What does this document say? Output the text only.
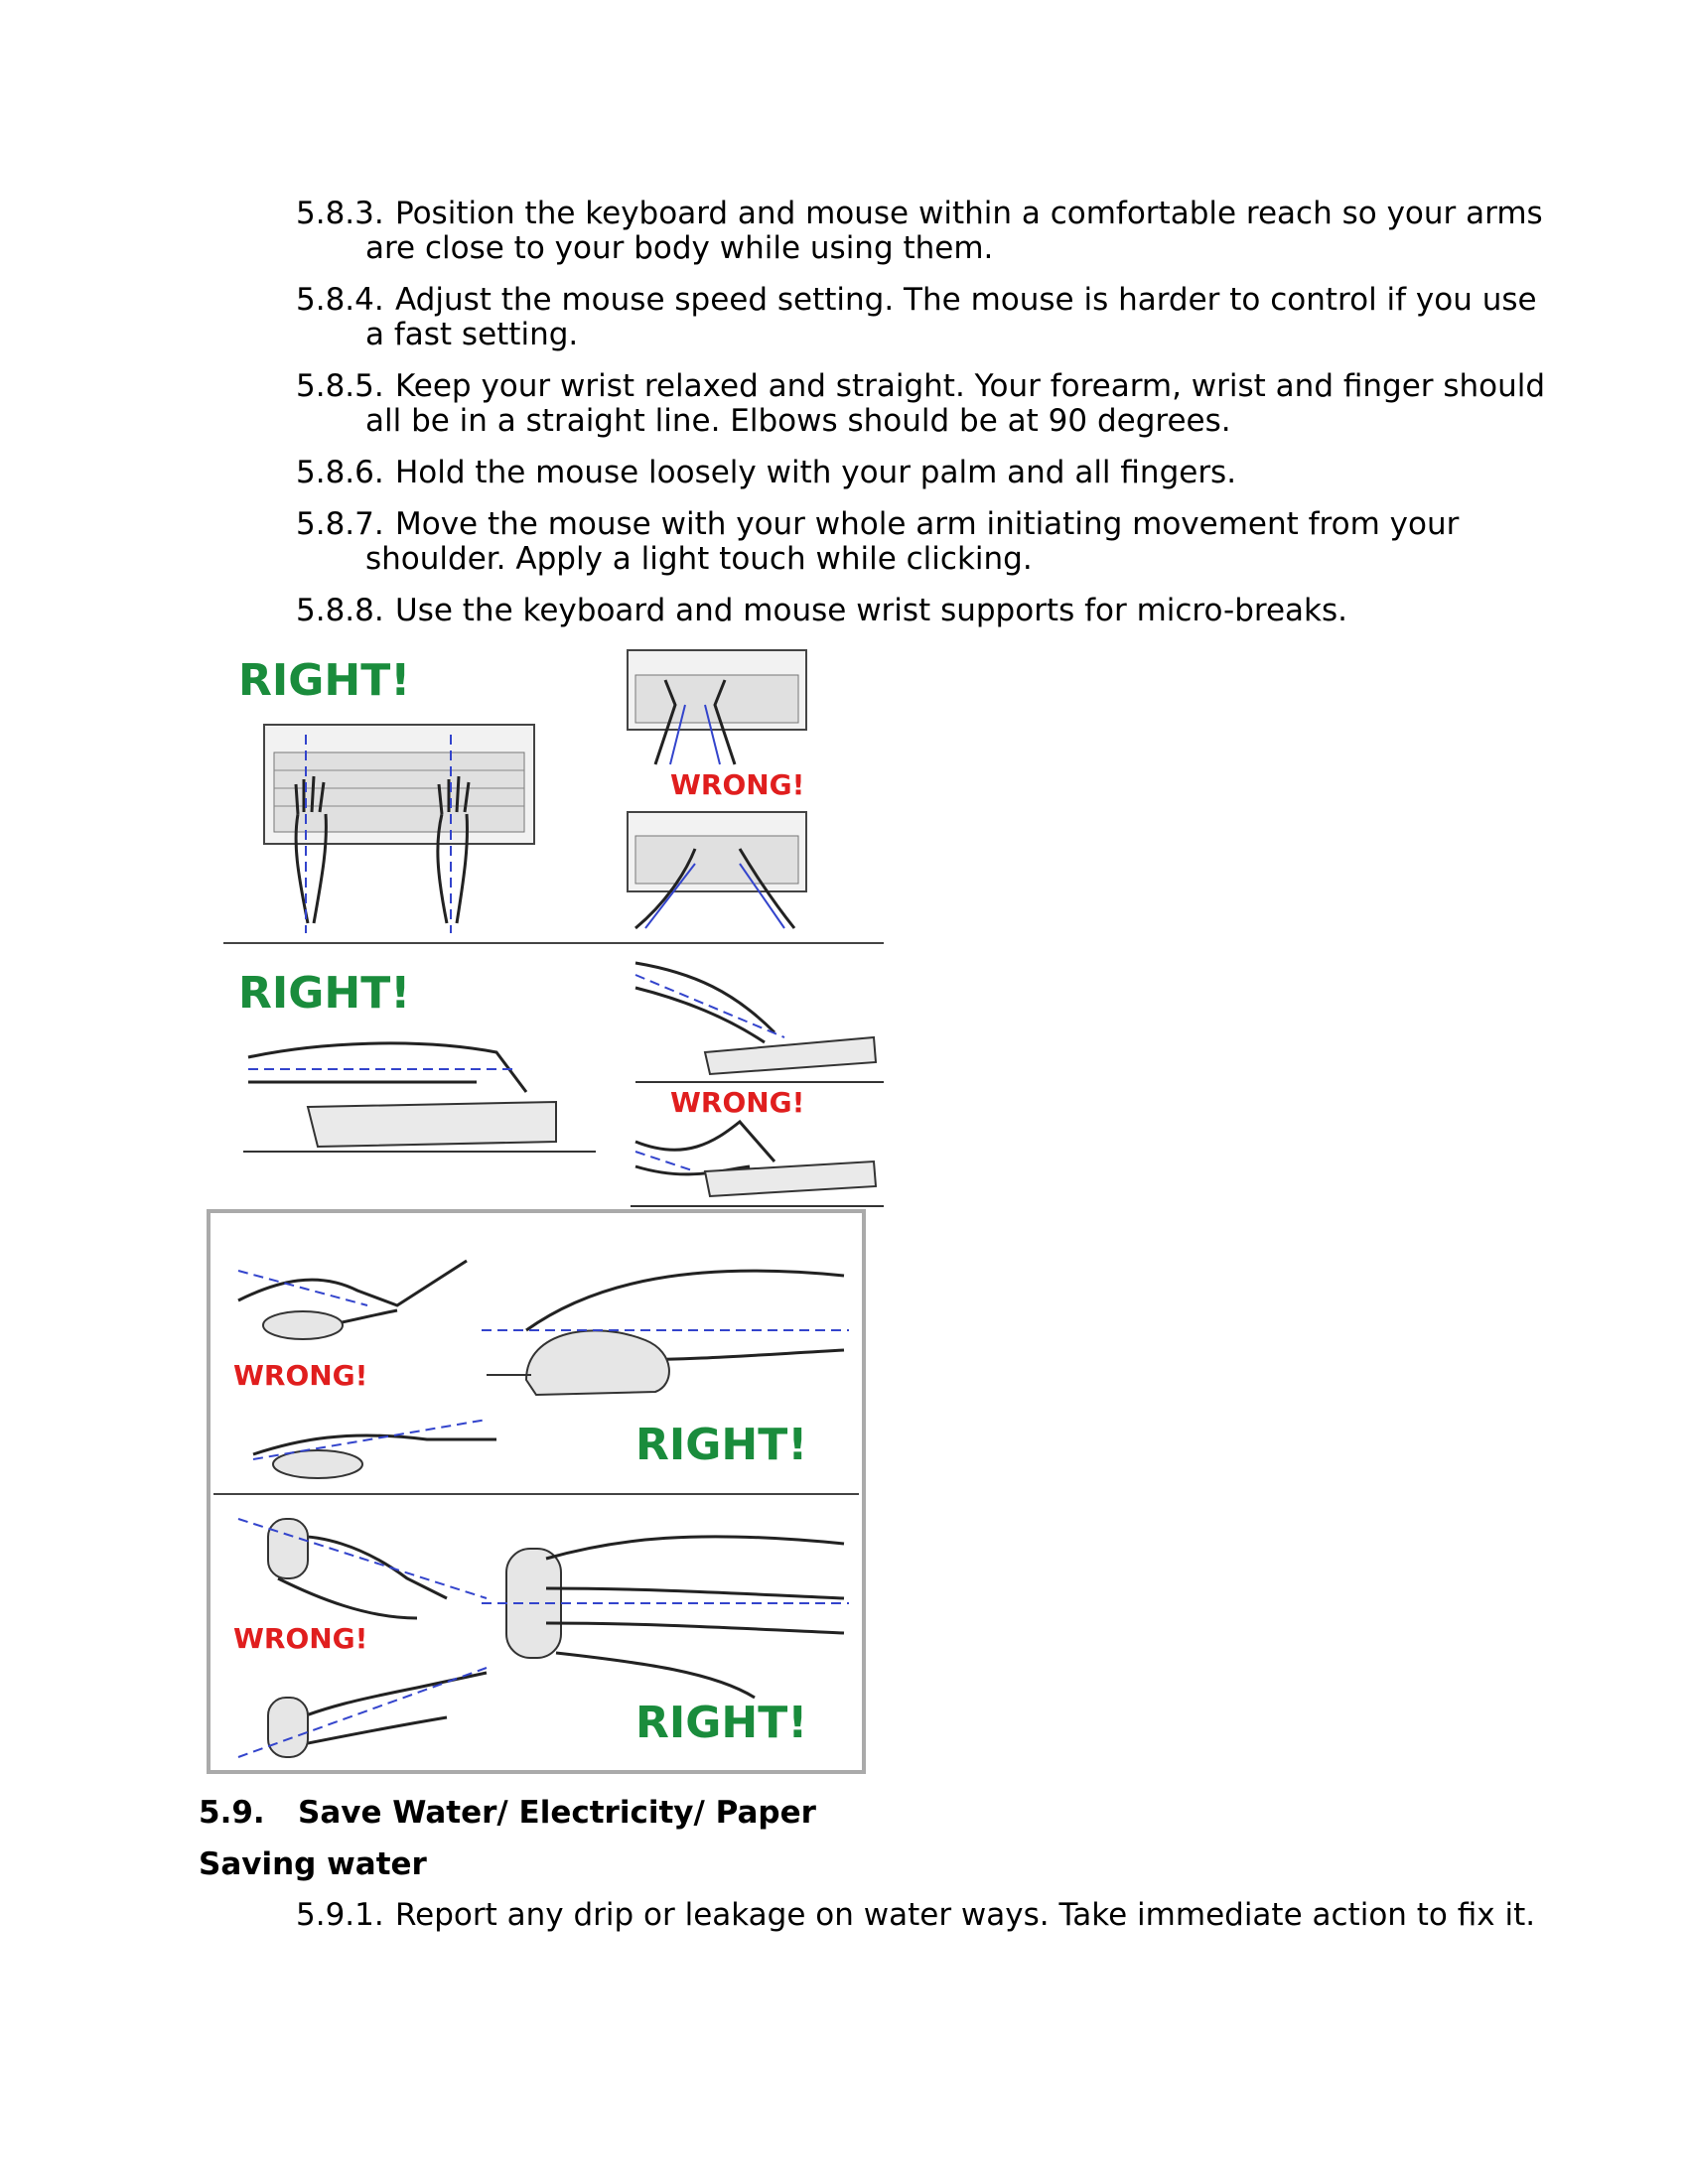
5.8.3. Position the keyboard and mouse within a comfortable reach so your arms are close to your body while using them.
5.8.4. Adjust the mouse speed setting. The mouse is harder to control if you use a fast setting.
5.8.5. Keep your wrist relaxed and straight. Your forearm, wrist and finger should all be in a straight line. Elbows should be at 90 degrees.
5.8.6. Hold the mouse loosely with your palm and all fingers.
5.8.7. Move the mouse with your whole arm initiating movement from your shoulder. Apply a light touch while clicking.
5.8.8. Use the keyboard and mouse wrist supports for micro-breaks.
RIGHT!
WRONG!
RIGHT!
WRONG!
WRONG!
RIGHT!
WRONG!
RIGHT!
5.9. Save Water/ Electricity/ Paper
Saving water
5.9.1. Report any drip or leakage on water ways. Take immediate action to fix it.
